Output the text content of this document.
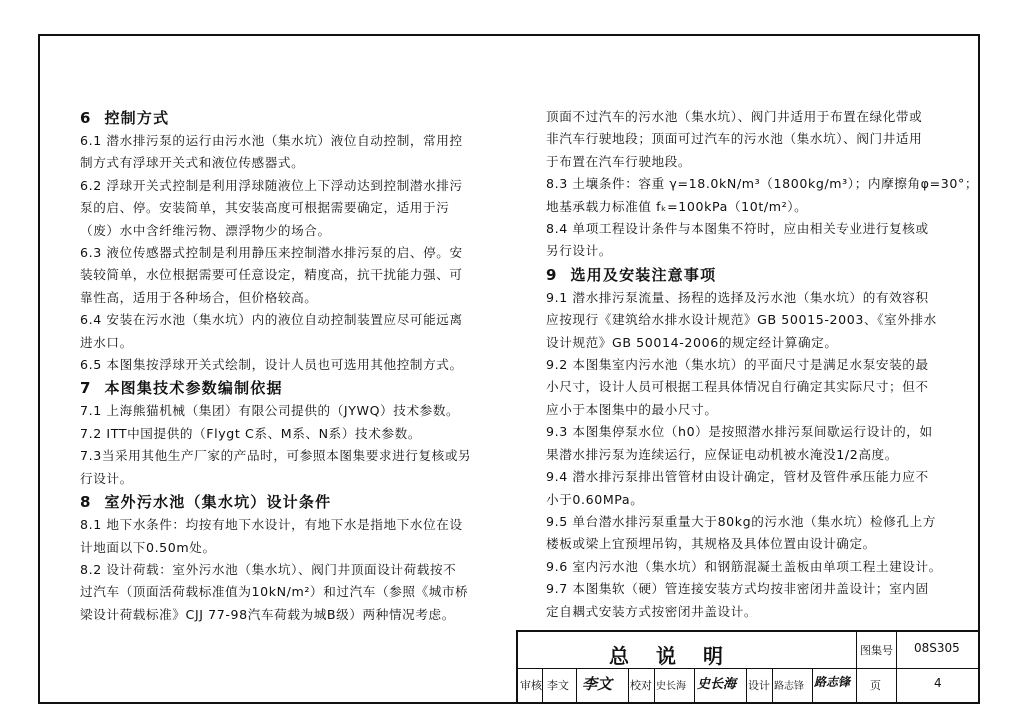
6  控制方式
6.1 潜水排污泵的运行由污水池（集水坑）液位自动控制，常用控
制方式有浮球开关式和液位传感器式。
6.2 浮球开关式控制是利用浮球随液位上下浮动达到控制潜水排污
泵的启、停。安装简单，其安装高度可根据需要确定，适用于污
（废）水中含纤维污物、漂浮物少的场合。
6.3 液位传感器式控制是利用静压来控制潜水排污泵的启、停。安
装较简单，水位根据需要可任意设定，精度高，抗干扰能力强、可
靠性高，适用于各种场合，但价格较高。
6.4 安装在污水池（集水坑）内的液位自动控制装置应尽可能远离
进水口。
6.5 本图集按浮球开关式绘制，设计人员也可选用其他控制方式。
7  本图集技术参数编制依据
7.1 上海熊猫机械（集团）有限公司提供的（JYWQ）技术参数。
7.2 ITT中国提供的（Flygt C系、M系、N系）技术参数。
7.3当采用其他生产厂家的产品时，可参照本图集要求进行复核或另
行设计。
8  室外污水池（集水坑）设计条件
8.1 地下水条件：均按有地下水设计，有地下水是指地下水位在设
计地面以下0.50m处。
8.2 设计荷载：室外污水池（集水坑）、阀门井顶面设计荷载按不
过汽车（顶面活荷载标准值为10kN/m²）和过汽车（参照《城市桥
梁设计荷载标准》CJJ 77-98汽车荷载为城B级）两种情况考虑。
顶面不过汽车的污水池（集水坑）、阀门井适用于布置在绿化带或
非汽车行驶地段；顶面可过汽车的污水池（集水坑）、阀门井适用
于布置在汽车行驶地段。
8.3 土壤条件：容重 γ=18.0kN/m³（1800kg/m³）；内摩擦角φ=30°；
地基承载力标准值 fₖ=100kPa（10t/m²）。
8.4 单项工程设计条件与本图集不符时，应由相关专业进行复核或
另行设计。
9  选用及安装注意事项
9.1 潜水排污泵流量、扬程的选择及污水池（集水坑）的有效容积
应按现行《建筑给水排水设计规范》GB 50015-2003、《室外排水
设计规范》GB 50014-2006的规定经计算确定。
9.2 本图集室内污水池（集水坑）的平面尺寸是满足水泵安装的最
小尺寸，设计人员可根据工程具体情况自行确定其实际尺寸；但不
应小于本图集中的最小尺寸。
9.3 本图集停泵水位（h0）是按照潜水排污泵间歇运行设计的，如
果潜水排污泵为连续运行，应保证电动机被水淹没1/2高度。
9.4 潜水排污泵排出管管材由设计确定，管材及管件承压能力应不
小于0.60MPa。
9.5 单台潜水排污泵重量大于80kg的污水池（集水坑）检修孔上方
楼板或梁上宜预埋吊钩，其规格及具体位置由设计确定。
9.6 室内污水池（集水坑）和钢筋混凝土盖板由单项工程土建设计。
9.7 本图集软（硬）管连接安装方式均按非密闭井盖设计；室内固
定自耦式安装方式按密闭井盖设计。
总 说 明	图集号 08S305
审核 李文 李文 校对 史长海 史长海 设计 路志锋 路志锋 页	4
